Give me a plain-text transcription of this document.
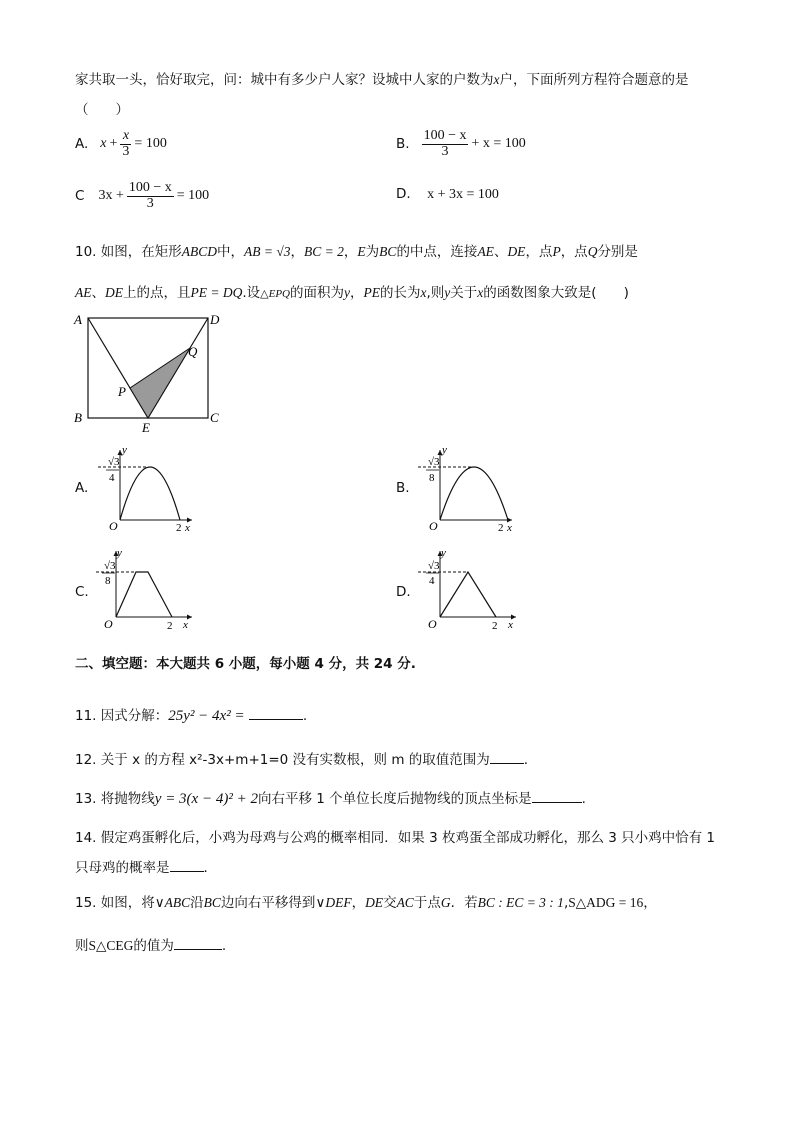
家共取一头，恰好取完，问：城中有多少户人家？设城中人家的户数为x户，下面所列方程符合题意的是
（　　）
A. $x + \frac{x}{3} = 100$	B. $\frac{100 - x}{3} + x = 100$
C $3x + \frac{100 - x}{3} = 100$	D. x + 3x = 100
10. 如图，在矩形ABCD中，AB = √3，BC = 2，E为BC的中点，连接AE、DE，点P，点Q分别是
AE、DE上的点，且PE = DQ.设△EPQ的面积为y，PE的长为x,则y关于x的函数图象大致是(　　)
A	D
B	C
E
P
Q
A.
√3
4
y
O	2 x
B.
√3
8
y
O	2 x
C.
√3
8
y
O	2 x
D.
√3
4
y
O	2 x
二、填空题：本大题共 6 小题，每小题 4 分，共 24 分.
11. 因式分解：25y² − 4x² =	.
12. 关于 x 的方程 x²-3x+m+1=0 没有实数根，则 m 的取值范围为	.
13. 将抛物线y = 3(x − 4)² + 2向右平移 1 个单位长度后抛物线的顶点坐标是	.
14. 假定鸡蛋孵化后，小鸡为母鸡与公鸡的概率相同．如果 3 枚鸡蛋全部成功孵化，那么 3 只小鸡中恰有 1
只母鸡的概率是	．
15. 如图，将∨ABC沿BC边向右平移得到∨DEF，DE交AC于点G．若BC : EC = 3 : 1,S△ADG = 16，
则S△CEG的值为	.
